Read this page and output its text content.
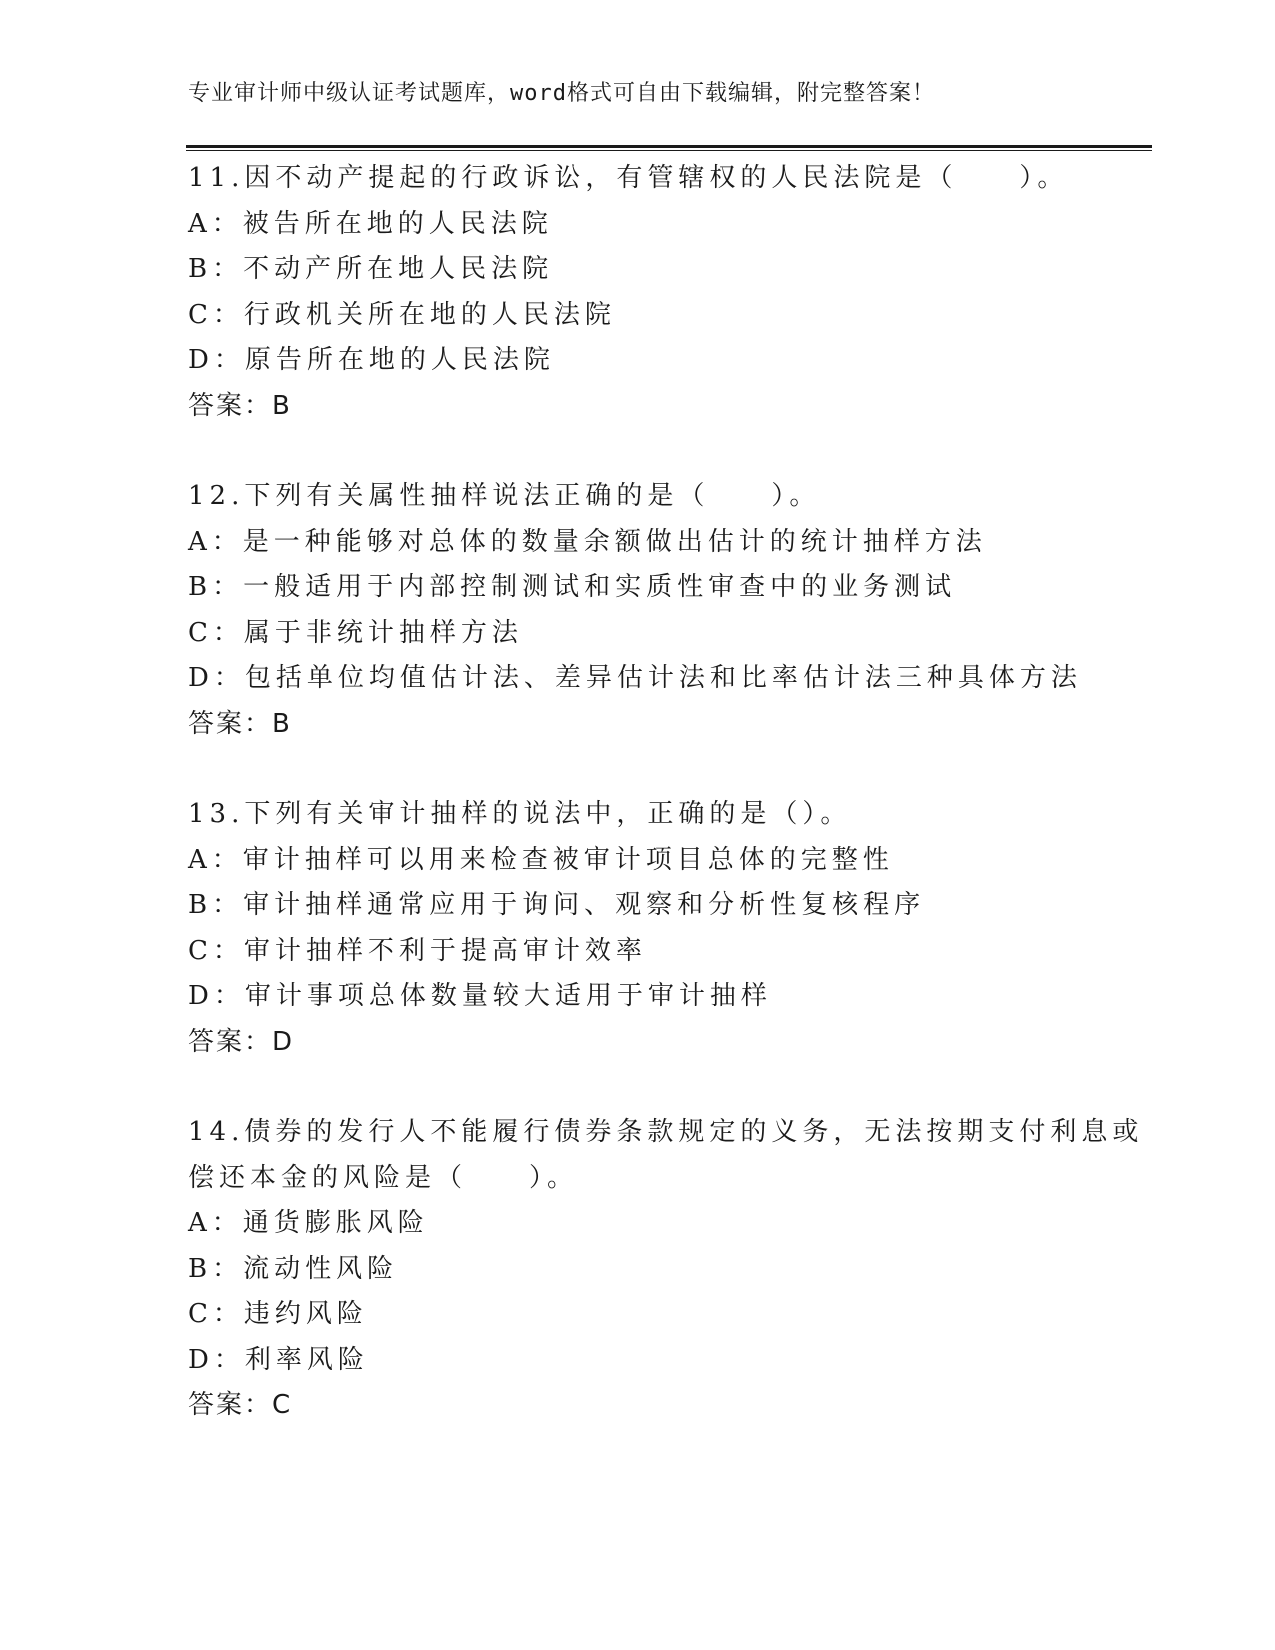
专业审计师中级认证考试题库，word格式可自由下载编辑，附完整答案！
11.因不动产提起的行政诉讼，有管辖权的人民法院是（　　）。
A：被告所在地的人民法院
B：不动产所在地人民法院
C：行政机关所在地的人民法院
D：原告所在地的人民法院
答案：B
12.下列有关属性抽样说法正确的是（　　）。
A：是一种能够对总体的数量余额做出估计的统计抽样方法
B：一般适用于内部控制测试和实质性审查中的业务测试
C：属于非统计抽样方法
D：包括单位均值估计法、差异估计法和比率估计法三种具体方法
答案：B
13.下列有关审计抽样的说法中，正确的是（）。
A：审计抽样可以用来检查被审计项目总体的完整性
B：审计抽样通常应用于询问、观察和分析性复核程序
C：审计抽样不利于提高审计效率
D：审计事项总体数量较大适用于审计抽样
答案：D
14.债券的发行人不能履行债券条款规定的义务，无法按期支付利息或
偿还本金的风险是（　　）。
A：通货膨胀风险
B：流动性风险
C：违约风险
D：利率风险
答案：C
